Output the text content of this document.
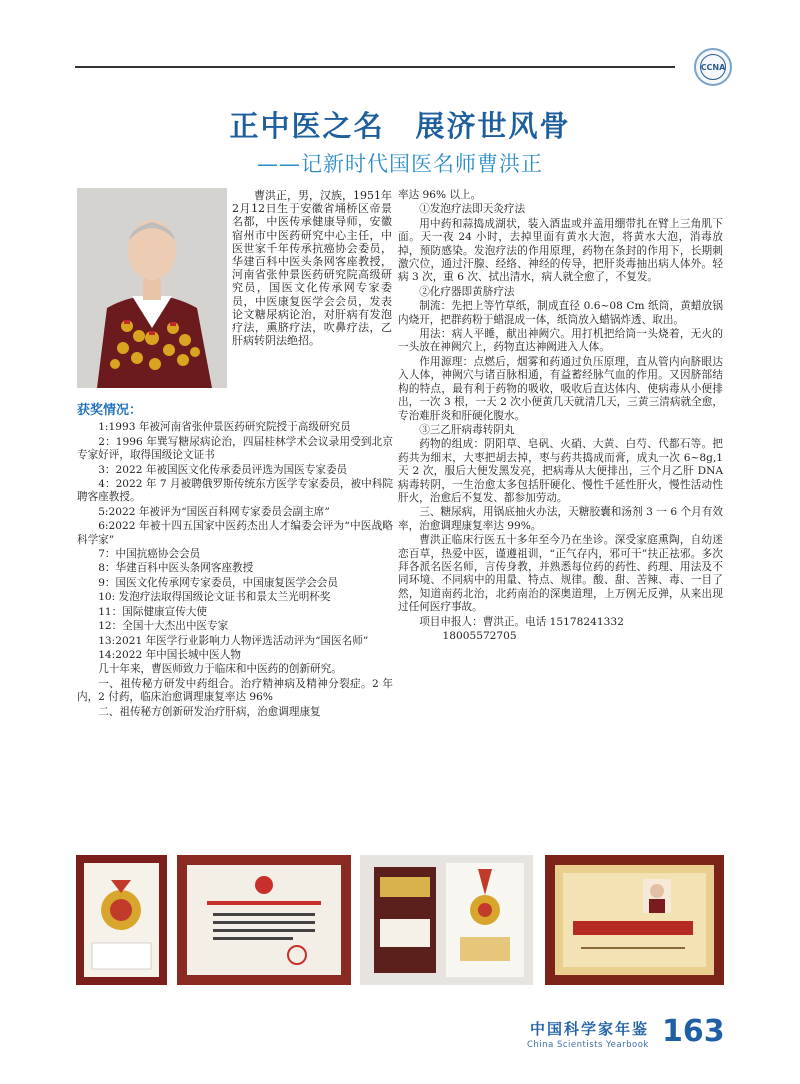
CCNA
正中医之名　展济世风骨
——记新时代国医名师曹洪正
曹洪正，男，汉族，1951年2月12日生于安徽省埇桥区帝景名都，中医传承健康导师，安徽宿州市中医药研究中心主任，中医世家千年传承抗癌协会委员，华建百科中医头条网客座教授，河南省张仲景医药研究院高级研究员，国医文化传承网专家委员，中医康复医学会会员，发表论文糖尿病论治，对肝病有发泡疗法，熏脐疗法，吹鼻疗法，乙肝病转阴法绝招。
获奖情况：

1:1993 年被河南省张仲景医药研究院授于高级研究员

2：1996 年巽写糖尿病论治，四届桂林学术会议录用受到北京专家好评，取得国级论文证书

3：2022 年被国医文化传承委员评选为国医专家委员

4：2022 年 7 月被聘俄罗斯传统东方医学专家委员，被中科院聘客座教授。

5:2022 年被评为“国医百科网专家委员会副主席”

6:2022 年被十四五国家中医药杰出人才编委会评为“中医战略科学家”

7：中国抗癌协会会员

8：华建百科中医头条网客座教授

9：国医文化传承网专家委员，中国康复医学会会员

10: 发泡疗法取得国级论文证书和景太兰光明杯奖

11：国际健康宣传大使

12：全国十大杰出中医专家

13:2021 年医学行业影响力人物评选活动评为“国医名师”

14:2022 年中国长城中医人物

几十年来，曹医师致力于临床和中医药的创新研究。

一、祖传秘方研发中药组合。治疗精神病及精神分裂症。2 年内，2 付药，临床治愈调理康复率达 96%

二、祖传秘方创新研发治疗肝病，治愈调理康复

率达 96% 以上。

①发泡疗法即天灸疗法

用中药和蒜捣成湖状，装入酒盅或并盖用绷带扎在臂上三角肌下面。天一夜 24 小时，去掉里面有黄水大泡，将黄水大泡，消毒放掉，预防感染。发泡疗法的作用原理，药物在条封的作用下，长期刺激穴位，通过汗腺、经络、神经的传导，把肝炎毒抽出病人体外。轻病 3 次，重 6 次、拭出清水，病人就全愈了，不复发。

②化疗器即黄脐疗法

制流：先把上等竹草纸，制成直径 0.6~08 Cm 纸筒，黄蜡放锅内烧开，把群药粉于蜡混成一体，纸筒放入蜡锅炸透、取出。

用法：病人平睡，献出神阙穴。用打机把给筒一头烧着，无火的一头放在神阙穴上，药物直达神阙进入人体。

作用源理：点燃后，烟雾和药通过负压原理，直从管内向脐眼达入人体，神阙穴与诸百脉相通，有益蓄经脉气血的作用。又因脐部结构的特点，最有利于药物的吸收，吸收后直达体内、使病毒从小便排出，一次 3 根，一天 2 次小便黄几天就清几天，三黄三清病就全愈，专治难肝炎和肝硬化腹水。

③三乙肝病毒转阴丸

药物的组成：阴阳草、皂矾、火硝、大黄、白芍、代都石等。把药共为细末，大枣把胡去掉，枣与药共捣成而膏，成丸一次 6~8g,1 天 2 次，服后大便发黑发亮，把病毒从大便排出，三个月乙肝 DNA 病毒转阴，一生治愈太多包括肝硬化、慢性千延性肝火，慢性活动性肝火，治愈后不复发、都参加劳动。

三、糖尿病，用锅底抽火办法，天糖胶囊和汤剂 3 一 6 个月有效率，治愈调理康复率达 99%。

曹洪正临床行医五十多年至今乃在坐诊。深受家庭熏陶，自幼迷恋百草，热爱中医，谨遵祖训，“正气存内，邪可干”扶正祛邪。多次拜各派名医名师，言传身教，并熟悉每位药的药性、药理、用法及不同环境、不同病中的用量、特点、规律。酸、甜、苦辣、毒、一目了然，知道南药北治，北药南治的深奥道理，上万例无反弹，从来出现过任何医疗事故。

项目申报人：曹洪正。电话 15178241332

18005572705

中国科学家年鉴
China Scientists Yearbook 163
